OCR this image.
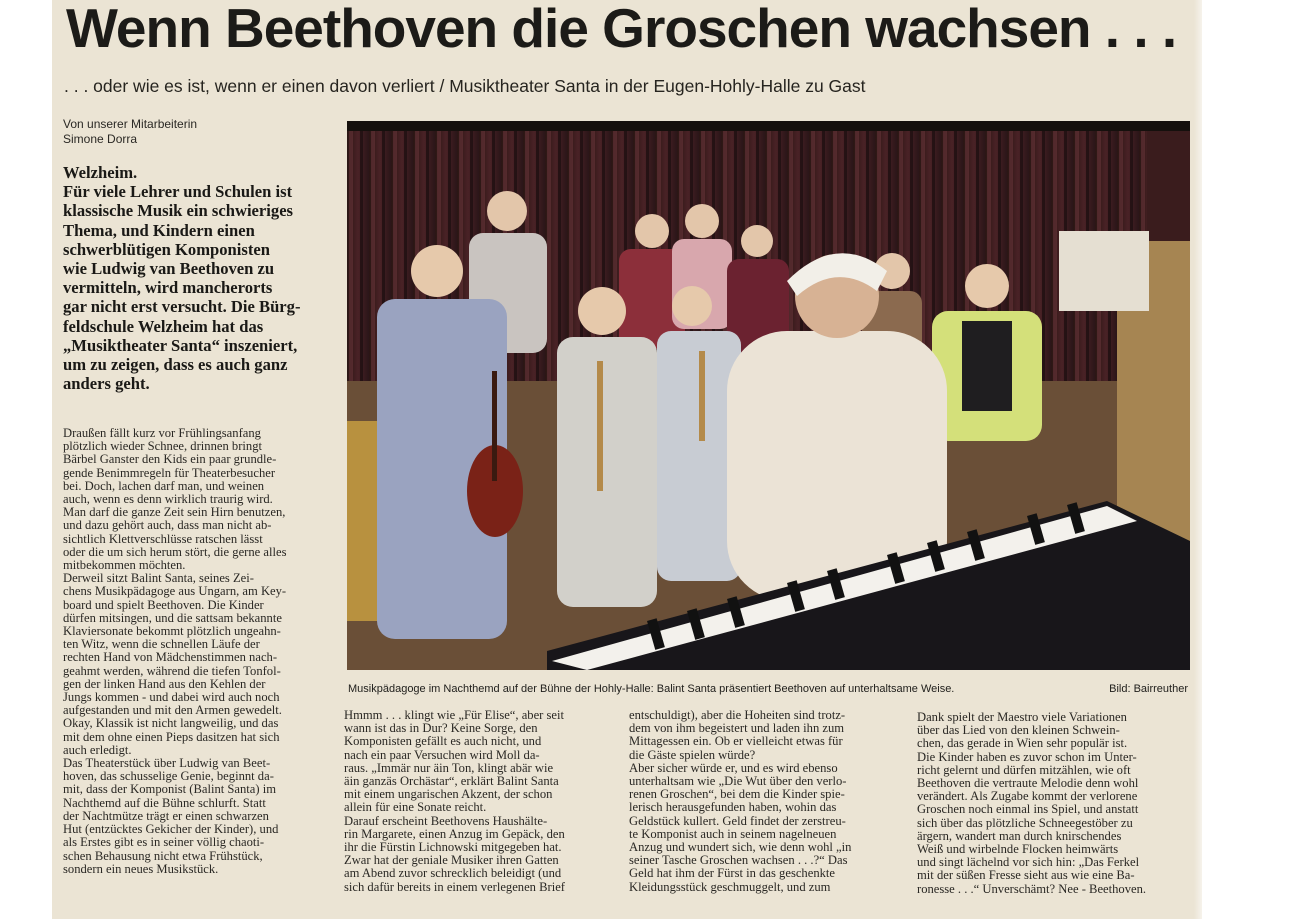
Wenn Beethoven die Groschen wachsen . . .
. . . oder wie es ist, wenn er einen davon verliert / Musiktheater Santa in der Eugen-Hohly-Halle zu Gast
Von unserer Mitarbeiterin
Simone Dorra
Welzheim.
Für viele Lehrer und Schulen ist
klassische Musik ein schwieriges
Thema, und Kindern einen
schwerblütigen Komponisten
wie Ludwig van Beethoven zu
vermitteln, wird mancherorts
gar nicht erst versucht. Die Bürg-
feldschule Welzheim hat das
„Musiktheater Santa“ inszeniert,
um zu zeigen, dass es auch ganz
anders geht.
Draußen fällt kurz vor Frühlingsanfang
plötzlich wieder Schnee, drinnen bringt
Bärbel Ganster den Kids ein paar grundle-
gende Benimmregeln für Theaterbesucher
bei. Doch, lachen darf man, und weinen
auch, wenn es denn wirklich traurig wird.
Man darf die ganze Zeit sein Hirn benutzen,
und dazu gehört auch, dass man nicht ab-
sichtlich Klettverschlüsse ratschen lässt
oder die um sich herum stört, die gerne alles
mitbekommen möchten.
Derweil sitzt Balint Santa, seines Zei-
chens Musikpädagoge aus Ungarn, am Key-
board und spielt Beethoven. Die Kinder
dürfen mitsingen, und die sattsam bekannte
Klaviersonate bekommt plötzlich ungeahn-
ten Witz, wenn die schnellen Läufe der
rechten Hand von Mädchenstimmen nach-
geahmt werden, während die tiefen Tonfol-
gen der linken Hand aus den Kehlen der
Jungs kommen - und dabei wird auch noch
aufgestanden und mit den Armen gewedelt.
Okay, Klassik ist nicht langweilig, und das
mit dem ohne einen Pieps dasitzen hat sich
auch erledigt.
Das Theaterstück über Ludwig van Beet-
hoven, das schusselige Genie, beginnt da-
mit, dass der Komponist (Balint Santa) im
Nachthemd auf die Bühne schlurft. Statt
der Nachtmütze trägt er einen schwarzen
Hut (entzücktes Gekicher der Kinder), und
als Erstes gibt es in seiner völlig chaoti-
schen Behausung nicht etwa Frühstück,
sondern ein neues Musikstück.
Hmmm . . . klingt wie „Für Elise“, aber seit
wann ist das in Dur? Keine Sorge, den
Komponisten gefällt es auch nicht, und
nach ein paar Versuchen wird Moll da-
raus. „Immär nur äin Ton, klingt abär wie
äin ganzäs Orchästar“, erklärt Balint Santa
mit einem ungarischen Akzent, der schon
allein für eine Sonate reicht.
Darauf erscheint Beethovens Haushälte-
rin Margarete, einen Anzug im Gepäck, den
ihr die Fürstin Lichnowski mitgegeben hat.
Zwar hat der geniale Musiker ihren Gatten
am Abend zuvor schrecklich beleidigt (und
sich dafür bereits in einem verlegenen Brief
entschuldigt), aber die Hoheiten sind trotz-
dem von ihm begeistert und laden ihn zum
Mittagessen ein. Ob er vielleicht etwas für
die Gäste spielen würde?
Aber sicher würde er, und es wird ebenso
unterhaltsam wie „Die Wut über den verlo-
renen Groschen“, bei dem die Kinder spie-
lerisch herausgefunden haben, wohin das
Geldstück kullert. Geld findet der zerstreu-
te Komponist auch in seinem nagelneuen
Anzug und wundert sich, wie denn wohl „in
seiner Tasche Groschen wachsen . . .?“ Das
Geld hat ihm der Fürst in das geschenkte
Kleidungsstück geschmuggelt, und zum
Dank spielt der Maestro viele Variationen
über das Lied von den kleinen Schwein-
chen, das gerade in Wien sehr populär ist.
Die Kinder haben es zuvor schon im Unter-
richt gelernt und dürfen mitzählen, wie oft
Beethoven die vertraute Melodie denn wohl
verändert. Als Zugabe kommt der verlorene
Groschen noch einmal ins Spiel, und anstatt
sich über das plötzliche Schneegestöber zu
ärgern, wandert man durch knirschendes
Weiß und wirbelnde Flocken heimwärts
und singt lächelnd vor sich hin: „Das Ferkel
mit der süßen Fresse sieht aus wie eine Ba-
ronesse . . .“ Unverschämt? Nee - Beethoven.
Musikpädagoge im Nachthemd auf der Bühne der Hohly-Halle: Balint Santa präsentiert Beethoven auf unterhaltsame Weise.	Bild: Bairreuther
